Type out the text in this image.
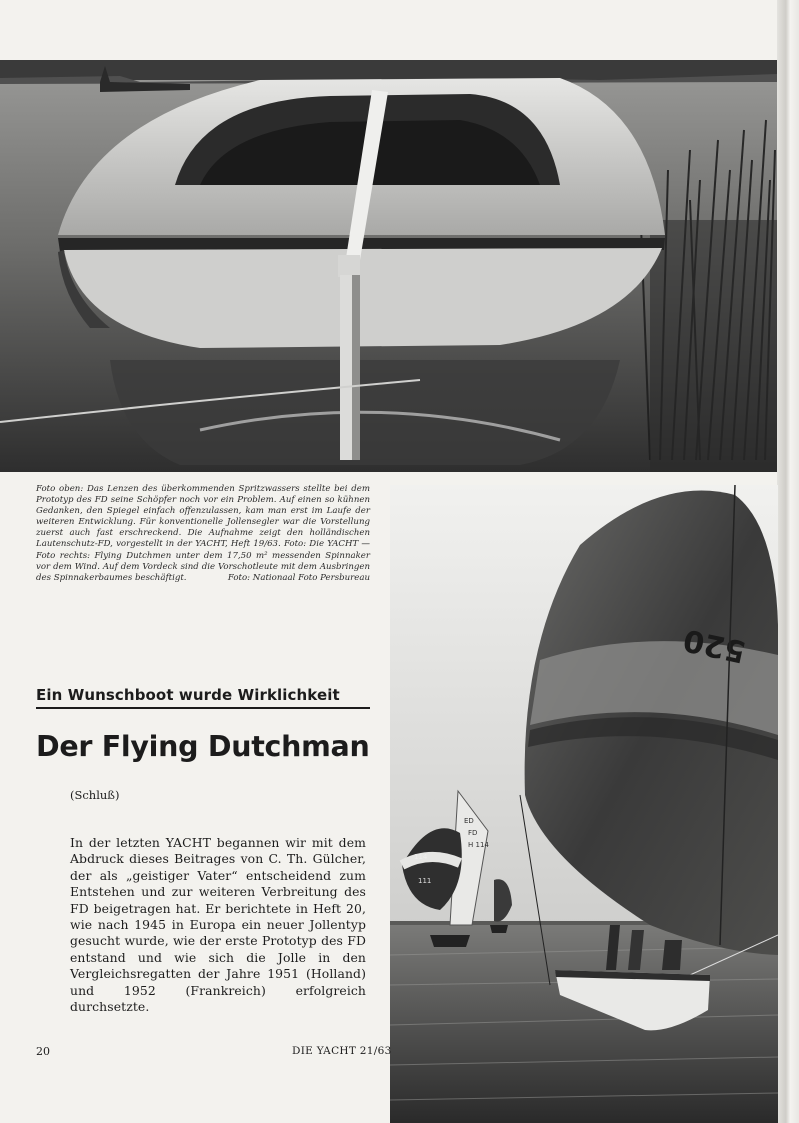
Foto oben: Das Lenzen des überkommenden Spritzwassers stellte bei dem Prototyp des FD seine Schöpfer noch vor ein Problem. Auf einen so kühnen Gedanken, den Spiegel einfach offenzulassen, kam man erst im Laufe der weiteren Entwicklung. Für konventionelle Jollensegler war die Vorstellung zuerst auch fast erschreckend. Die Aufnahme zeigt den holländischen Lautenschutz-FD, vorgestellt in der YACHT, Heft 19/63. Foto: Die YACHT — Foto rechts: Flying Dutchmen unter dem 17,50 m² messenden Spinnaker vor dem Wind. Auf dem Vordeck sind die Vorschotleute mit dem Ausbringen des Spinnakerbaumes beschäftigt.	Foto: Nationaal Foto Persbureau
114
FD
H 114
111
ED
520
Ein Wunschboot wurde Wirklichkeit
Der Flying Dutchman
(Schluß)

In der letzten YACHT begannen wir mit dem Abdruck dieses Beitrages von C. Th. Gülcher, der als „geistiger Vater“ entscheidend zum Entstehen und zur weiteren Verbreitung des FD beigetragen hat. Er berichtete in Heft 20, wie nach 1945 in Europa ein neuer Jollentyp gesucht wurde, wie der erste Prototyp des FD entstand und wie sich die Jolle in den Vergleichsregatten der Jahre 1951 (Holland) und 1952 (Frankreich) erfolgreich durchsetzte.

20	DIE YACHT 21/63
